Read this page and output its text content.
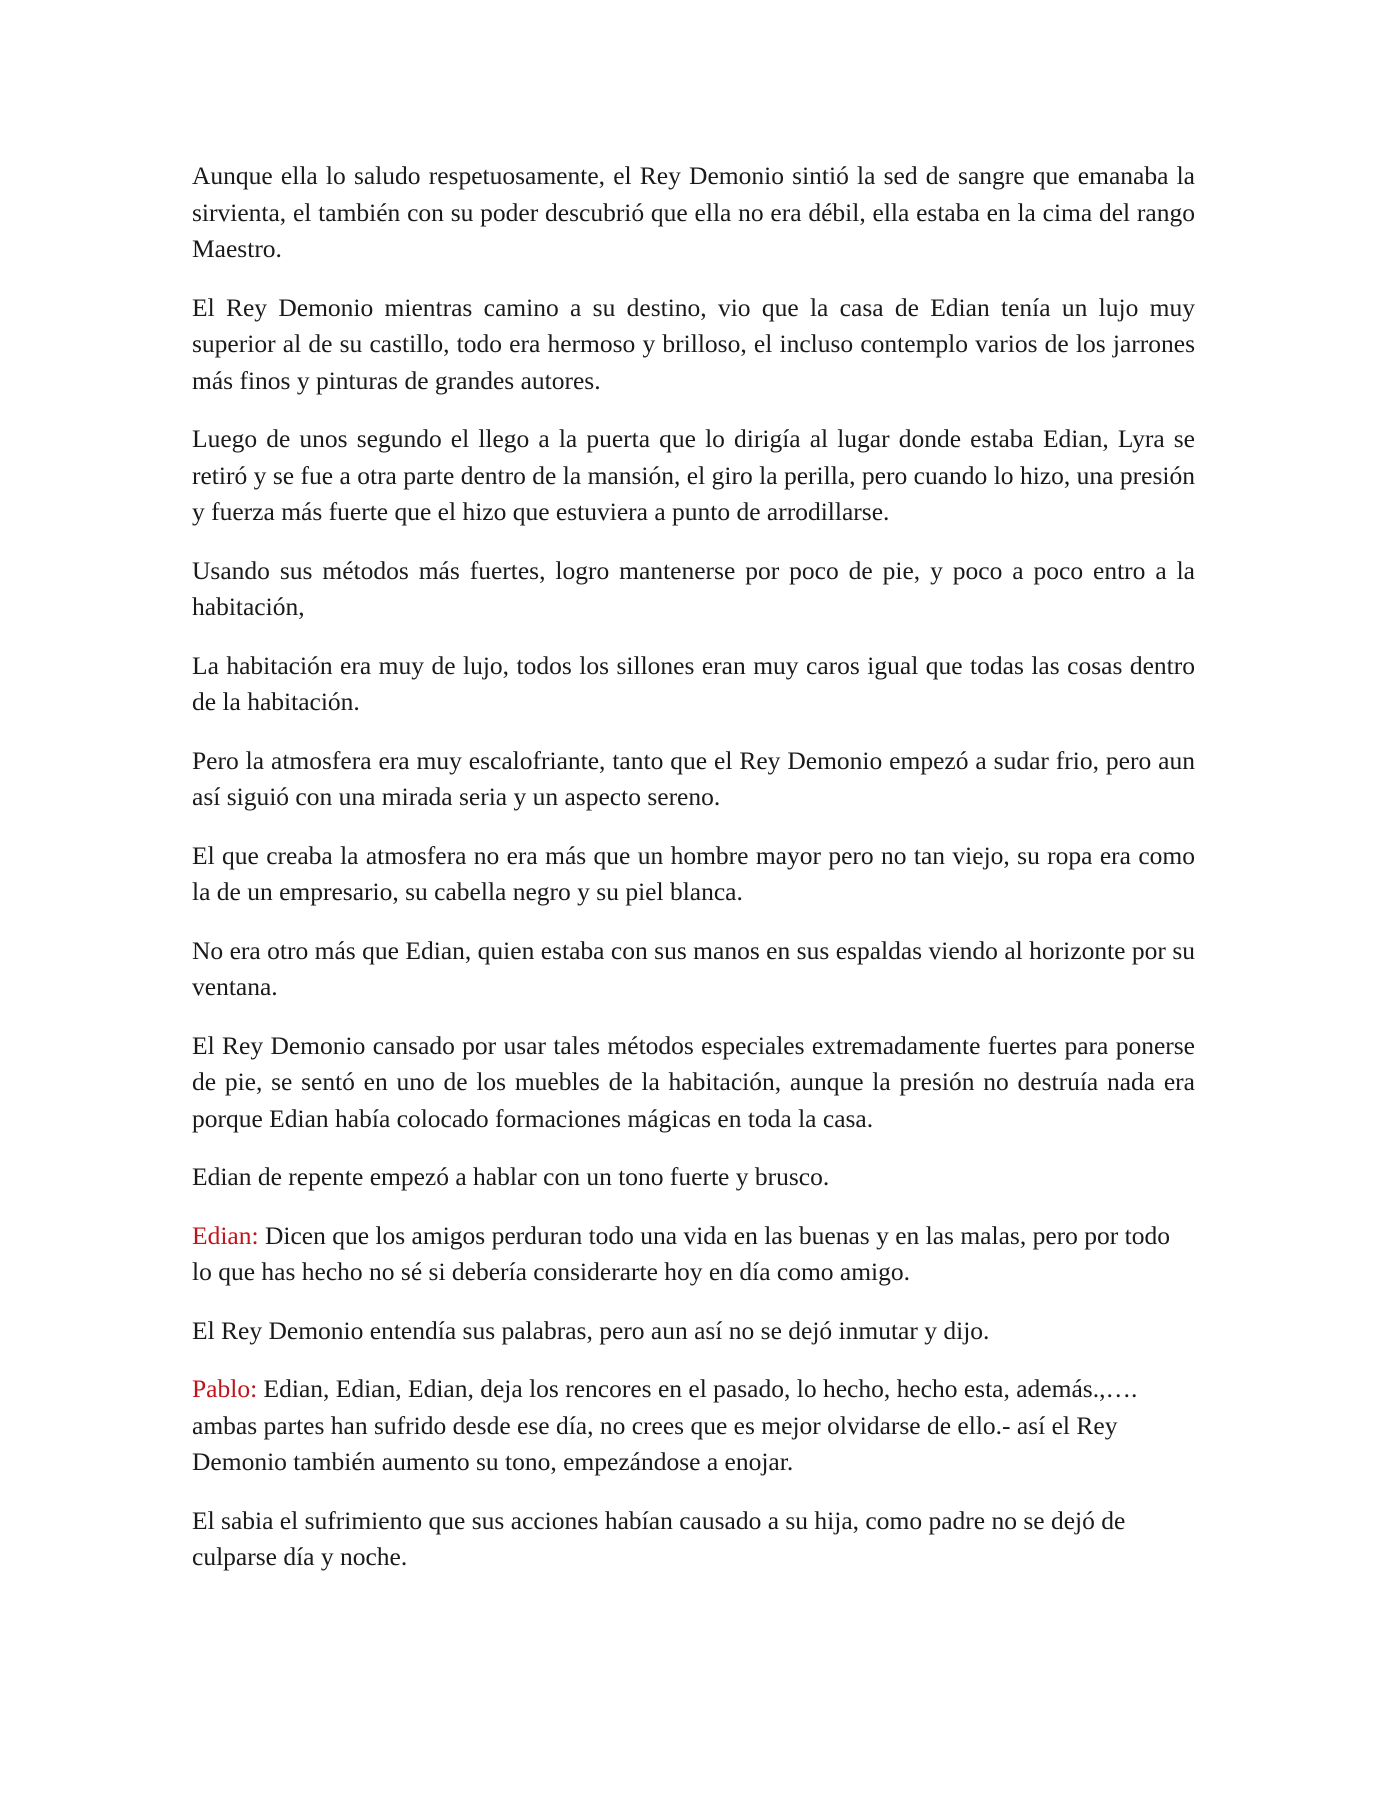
Aunque ella lo saludo respetuosamente, el Rey Demonio sintió la sed de sangre que emanaba la sirvienta, el también con su poder descubrió que ella no era débil, ella estaba en la cima del rango Maestro.

El Rey Demonio mientras camino a su destino, vio que la casa de Edian tenía un lujo muy superior al de su castillo, todo era hermoso y brilloso, el incluso contemplo varios de los jarrones más finos y pinturas de grandes autores.

Luego de unos segundo el llego a la puerta que lo dirigía al lugar donde estaba Edian, Lyra se retiró y se fue a otra parte dentro de la mansión, el giro la perilla, pero cuando lo hizo, una presión y fuerza más fuerte que el hizo que estuviera a punto de arrodillarse.

Usando sus métodos más fuertes, logro mantenerse por poco de pie, y poco a poco entro a la habitación,

La habitación era muy de lujo, todos los sillones eran muy caros igual que todas las cosas dentro de la habitación.

Pero la atmosfera era muy escalofriante, tanto que el Rey Demonio empezó a sudar frio, pero aun así siguió con una mirada seria y un aspecto sereno.

El que creaba la atmosfera no era más que un hombre mayor pero no tan viejo, su ropa era como la de un empresario, su cabella negro y su piel blanca.

No era otro más que Edian, quien estaba con sus manos en sus espaldas viendo al horizonte por su ventana.

El Rey Demonio cansado por usar tales métodos especiales extremadamente fuertes para ponerse de pie, se sentó en uno de los muebles de la habitación, aunque la presión no destruía nada era porque Edian había colocado formaciones mágicas en toda la casa.

Edian de repente empezó a hablar con un tono fuerte y brusco.

Edian: Dicen que los amigos perduran todo una vida en las buenas y en las malas, pero por todo lo que has hecho no sé si debería considerarte hoy en día como amigo.

El Rey Demonio entendía sus palabras, pero aun así no se dejó inmutar y dijo.

Pablo: Edian, Edian, Edian, deja los rencores en el pasado, lo hecho, hecho esta, además.,…. ambas partes han sufrido desde ese día, no crees que es mejor olvidarse de ello.- así el Rey Demonio también aumento su tono, empezándose a enojar.

El sabia el sufrimiento que sus acciones habían causado a su hija, como padre no se dejó de culparse día y noche.
